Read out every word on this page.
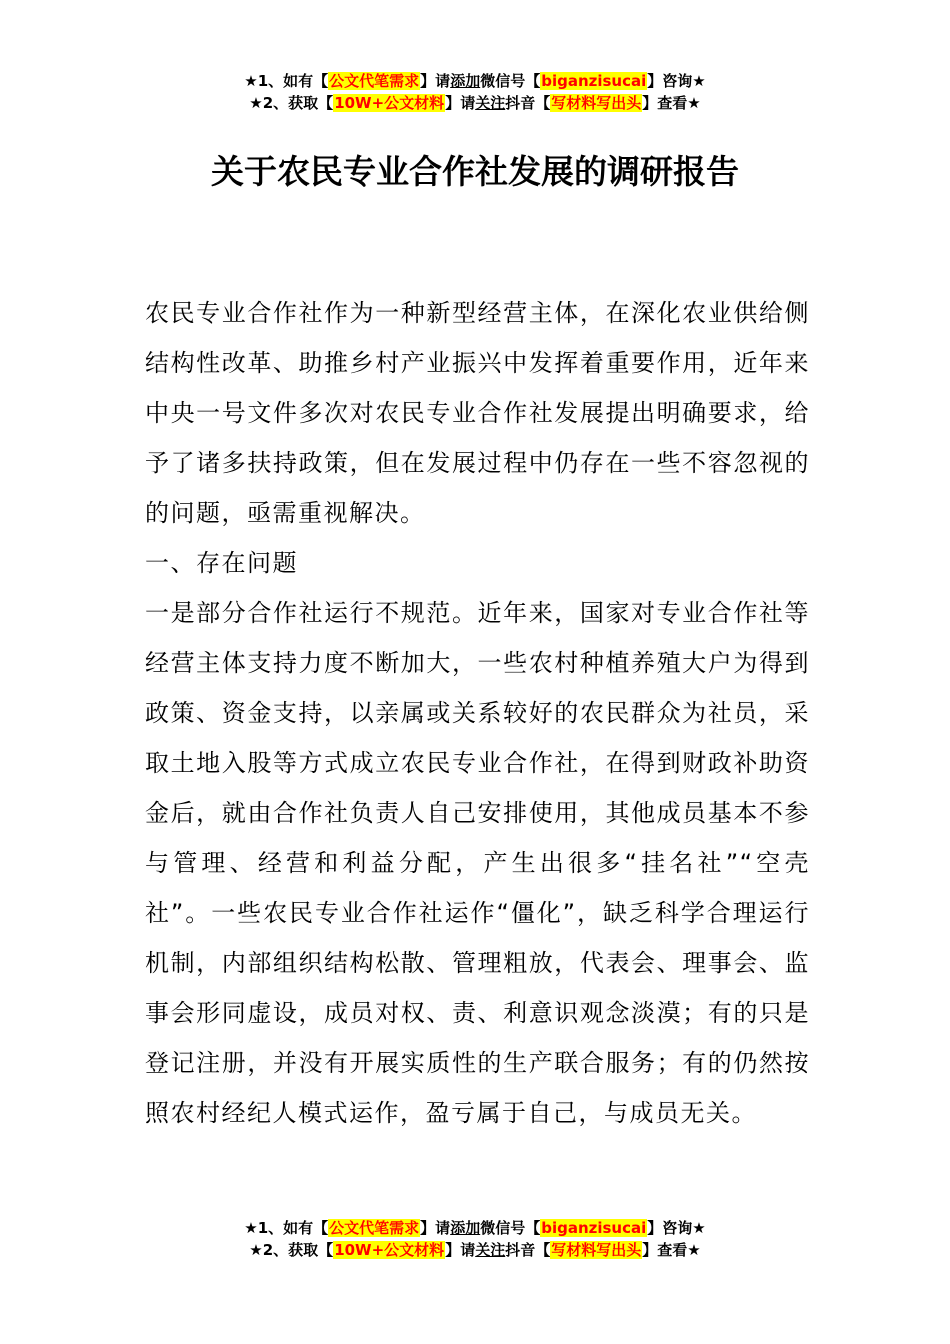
★1、如有【公文代笔需求】请添加微信号【biganzisucai】咨询★
★2、获取【10W+公文材料】请关注抖音【写材料写出头】查看★
关于农民专业合作社发展的调研报告

农民专业合作社作为一种新型经营主体，在深化农业供给侧结构性改革、助推乡村产业振兴中发挥着重要作用，近年来中央一号文件多次对农民专业合作社发展提出明确要求，给予了诸多扶持政策，但在发展过程中仍存在一些不容忽视的的问题，亟需重视解决。

一、存在问题

一是部分合作社运行不规范。近年来，国家对专业合作社等经营主体支持力度不断加大，一些农村种植养殖大户为得到政策、资金支持，以亲属或关系较好的农民群众为社员，采取土地入股等方式成立农民专业合作社，在得到财政补助资金后，就由合作社负责人自己安排使用，其他成员基本不参与管理、经营和利益分配，产生出很多“挂名社”“空壳社”。一些农民专业合作社运作“僵化”，缺乏科学合理运行机制，内部组织结构松散、管理粗放，代表会、理事会、监事会形同虚设，成员对权、责、利意识观念淡漠；有的只是登记注册，并没有开展实质性的生产联合服务；有的仍然按照农村经纪人模式运作，盈亏属于自己，与成员无关。

★1、如有【公文代笔需求】请添加微信号【biganzisucai】咨询★
★2、获取【10W+公文材料】请关注抖音【写材料写出头】查看★
